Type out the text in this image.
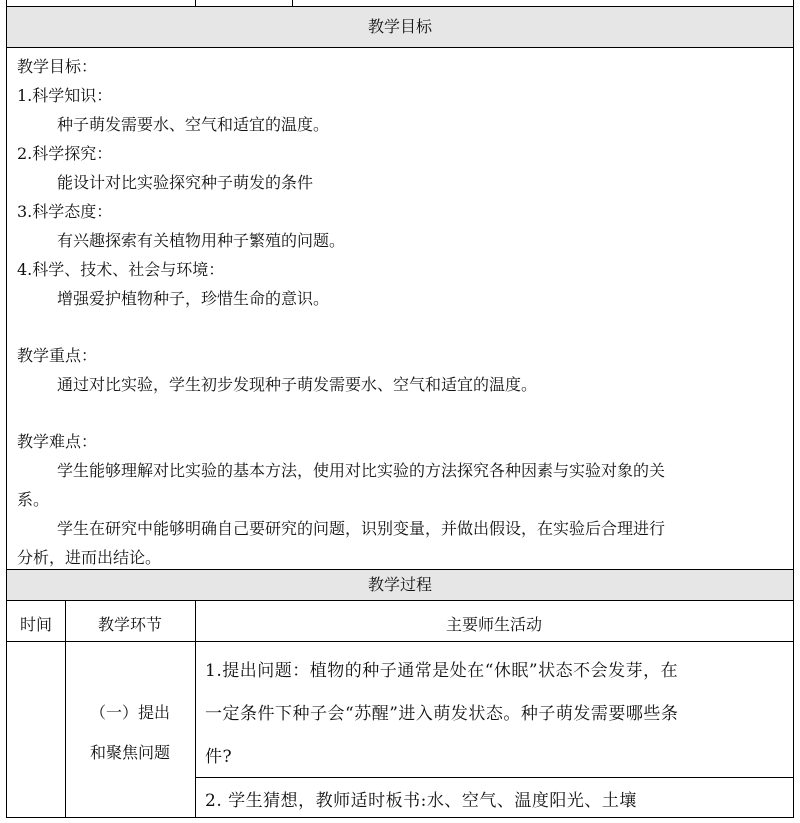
教学目标
教学目标：
1.科学知识：
种子萌发需要水、空气和适宜的温度。
2.科学探究：
能设计对比实验探究种子萌发的条件
3.科学态度：
有兴趣探索有关植物用种子繁殖的问题。
4.科学、技术、社会与环境：
增强爱护植物种子，珍惜生命的意识。
教学重点：
通过对比实验，学生初步发现种子萌发需要水、空气和适宜的温度。
教学难点：
学生能够理解对比实验的基本方法，使用对比实验的方法探究各种因素与实验对象的关
系。
学生在研究中能够明确自己要研究的问题，识别变量，并做出假设，在实验后合理进行
分析，进而出结论。
教学过程
时间	教学环节	主要师生活动
（一）提出
和聚焦问题
1.提出问题：植物的种子通常是处在“休眠”状态不会发芽，在
一定条件下种子会“苏醒”进入萌发状态。种子萌发需要哪些条
件?
2. 学生猜想，教师适时板书:水、空气、温度阳光、土壤
